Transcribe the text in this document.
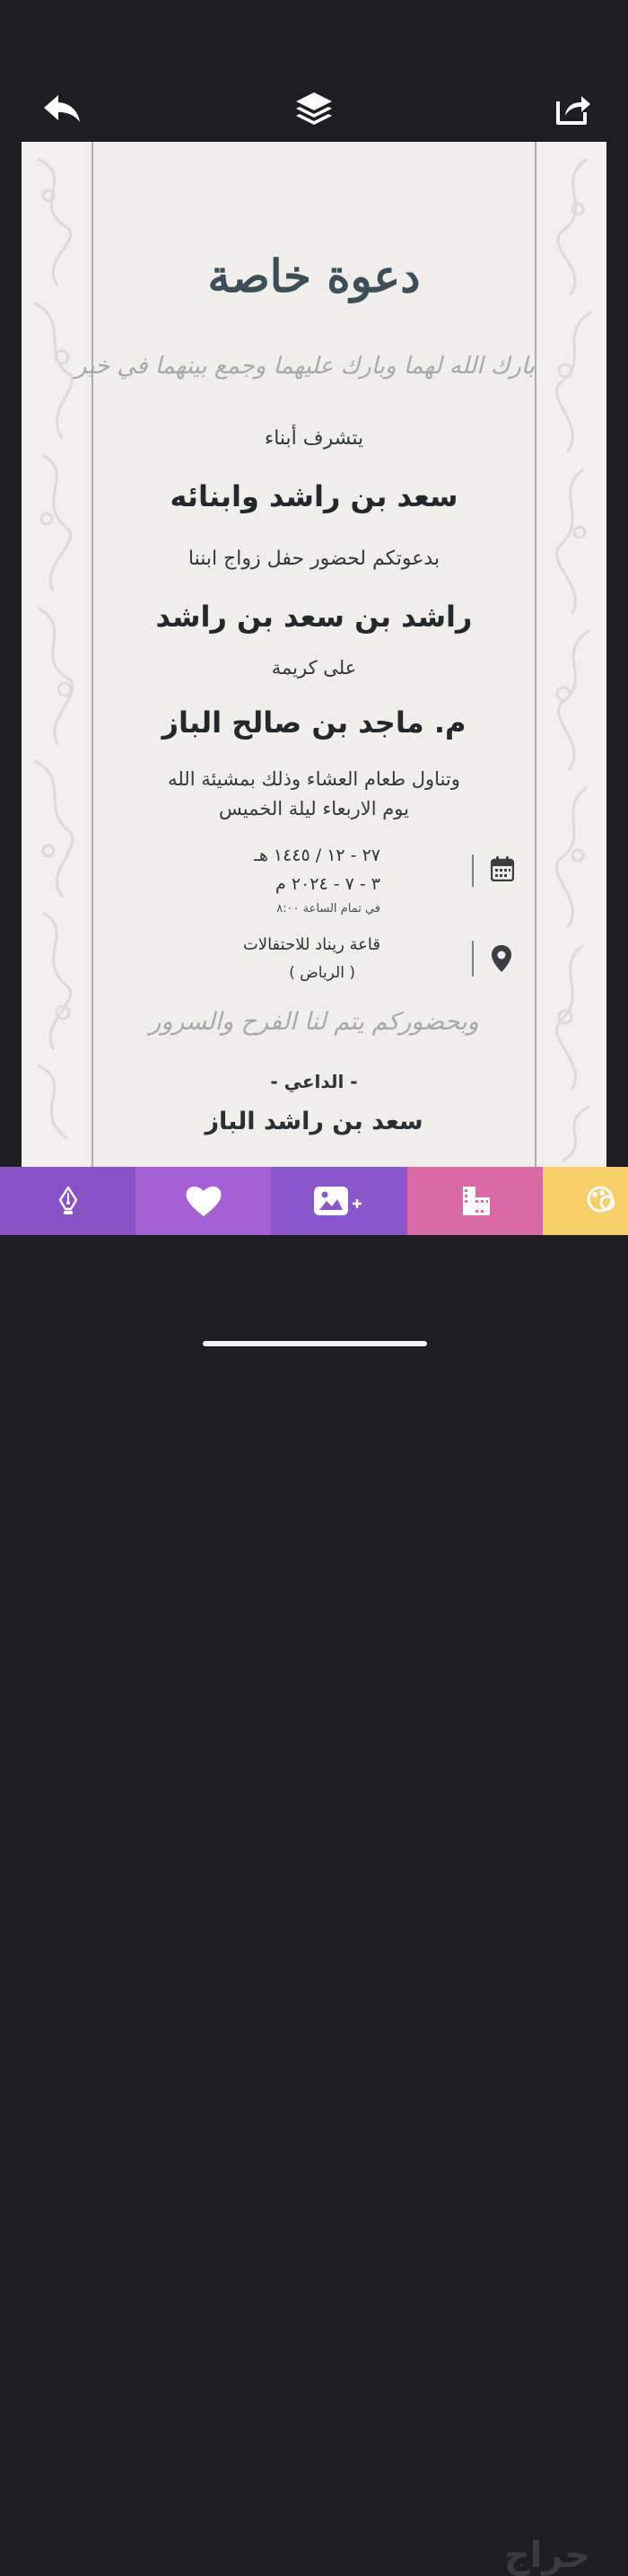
دعوة خاصة
بارك الله لهما وبارك عليهما وجمع بينهما في خير
يتشرف أبناء
سعد بن راشد وابنائه
بدعوتكم لحضور حفل زواج ابننا
راشد بن سعد بن راشد
على كريمة
م. ماجد بن صالح الباز
وتناول طعام العشاء وذلك بمشيئة الله
يوم الاربعاء ليلة الخميس
٢٧ - ١٢ / ١٤٤٥ هـ
٣ - ٧ - ٢٠٢٤ م
في تمام الساعة ٨:٠٠
قاعة ريناد للاحتفالات
( الرياض )
وبحضوركم يتم لنا الفرح والسرور
- الداعي -
سعد بن راشد الباز
حراج
